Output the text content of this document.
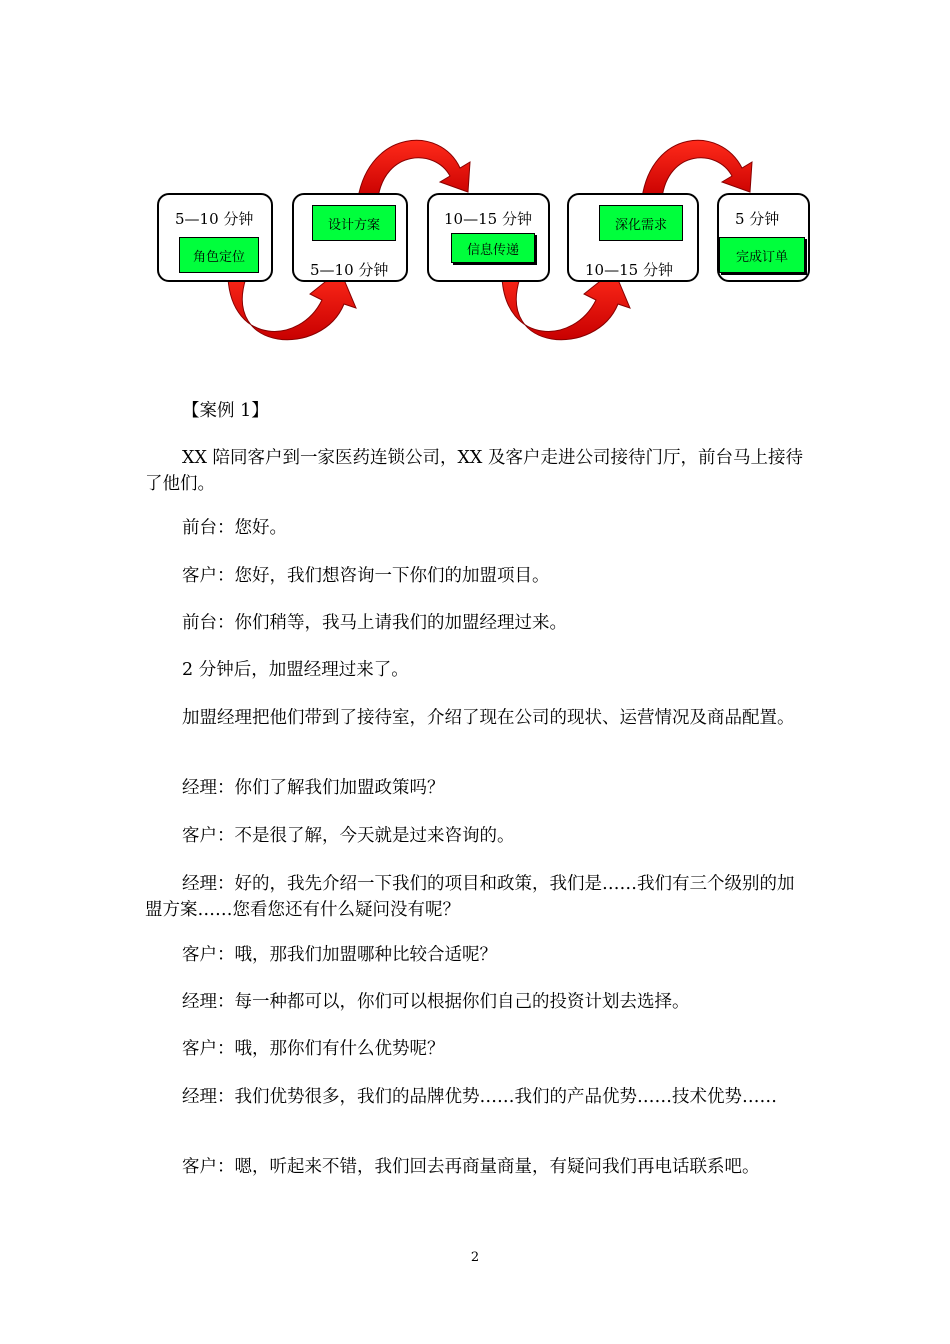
5—10 分钟
角色定位
设计方案
5—10 分钟
10—15 分钟
信息传递
深化需求
10—15 分钟
5 分钟
完成订单

【案例 1】

XX 陪同客户到一家医药连锁公司，XX 及客户走进公司接待门厅，前台马上接待了他们。

前台：您好。

客户：您好，我们想咨询一下你们的加盟项目。

前台：你们稍等，我马上请我们的加盟经理过来。

2 分钟后，加盟经理过来了。

加盟经理把他们带到了接待室，介绍了现在公司的现状、运营情况及商品配置。

经理：你们了解我们加盟政策吗？

客户：不是很了解，今天就是过来咨询的。

经理：好的，我先介绍一下我们的项目和政策，我们是……我们有三个级别的加盟方案……您看您还有什么疑问没有呢？

客户：哦，那我们加盟哪种比较合适呢？

经理：每一种都可以，你们可以根据你们自己的投资计划去选择。

客户：哦，那你们有什么优势呢？

经理：我们优势很多，我们的品牌优势……我们的产品优势……技术优势……

客户：嗯，听起来不错，我们回去再商量商量，有疑问我们再电话联系吧。

2
